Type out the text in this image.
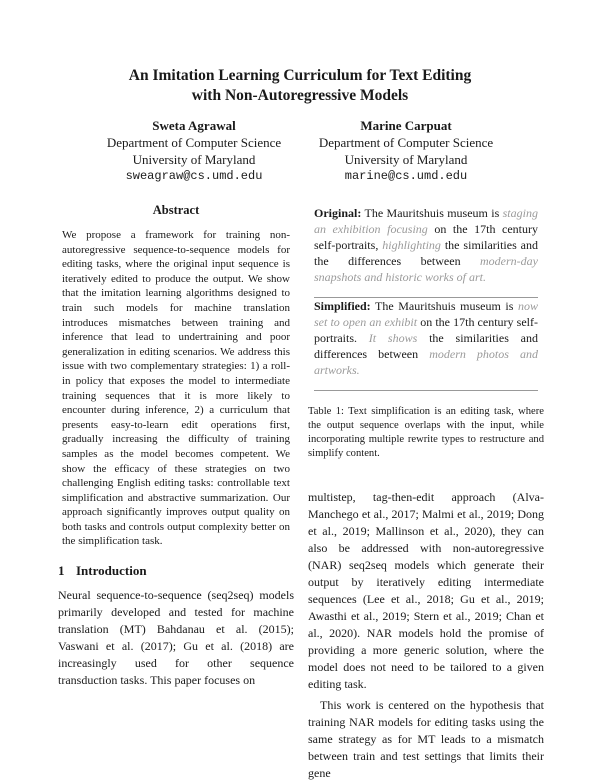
An Imitation Learning Curriculum for Text Editing
with Non-Autoregressive Models
Sweta Agrawal
Department of Computer Science
University of Maryland
sweagraw@cs.umd.edu
Marine Carpuat
Department of Computer Science
University of Maryland
marine@cs.umd.edu
Abstract
We propose a framework for training non-autoregressive sequence-to-sequence models for editing tasks, where the original input sequence is iteratively edited to produce the output. We show that the imitation learning algorithms designed to train such models for machine translation introduces mismatches between training and inference that lead to undertraining and poor generalization in editing scenarios. We address this issue with two complementary strategies: 1) a roll-in policy that exposes the model to intermediate training sequences that it is more likely to encounter during inference, 2) a curriculum that presents easy-to-learn edit operations first, gradually increasing the difficulty of training samples as the model becomes competent. We show the efficacy of these strategies on two challenging English editing tasks: controllable text simplification and abstractive summarization. Our approach significantly improves output quality on both tasks and controls output complexity better on the simplification task.
1 Introduction
Neural sequence-to-sequence (seq2seq) models primarily developed and tested for machine translation (MT) Bahdanau et al. (2015); Vaswani et al. (2017); Gu et al. (2018) are increasingly used for other sequence transduction tasks. This paper focuses on
Original: The Mauritshuis museum is staging an exhibition focusing on the 17th century self-portraits, highlighting the similarities and the differences between modern-day snapshots and historic works of art.
Simplified: The Mauritshuis museum is now set to open an exhibit on the 17th century self-portraits. It shows the similarities and differences between modern photos and artworks.
Table 1: Text simplification is an editing task, where the output sequence overlaps with the input, while incorporating multiple rewrite types to restructure and simplify content.

multistep, tag-then-edit approach (Alva-Manchego et al., 2017; Malmi et al., 2019; Dong et al., 2019; Mallinson et al., 2020), they can also be addressed with non-autoregressive (NAR) seq2seq models which generate their output by iteratively editing intermediate sequences (Lee et al., 2018; Gu et al., 2019; Awasthi et al., 2019; Stern et al., 2019; Chan et al., 2020). NAR models hold the promise of providing a more generic solution, where the model does not need to be tailored to a given editing task.

This work is centered on the hypothesis that training NAR models for editing tasks using the same strategy as for MT leads to a mismatch between train and test settings that limits their gene
